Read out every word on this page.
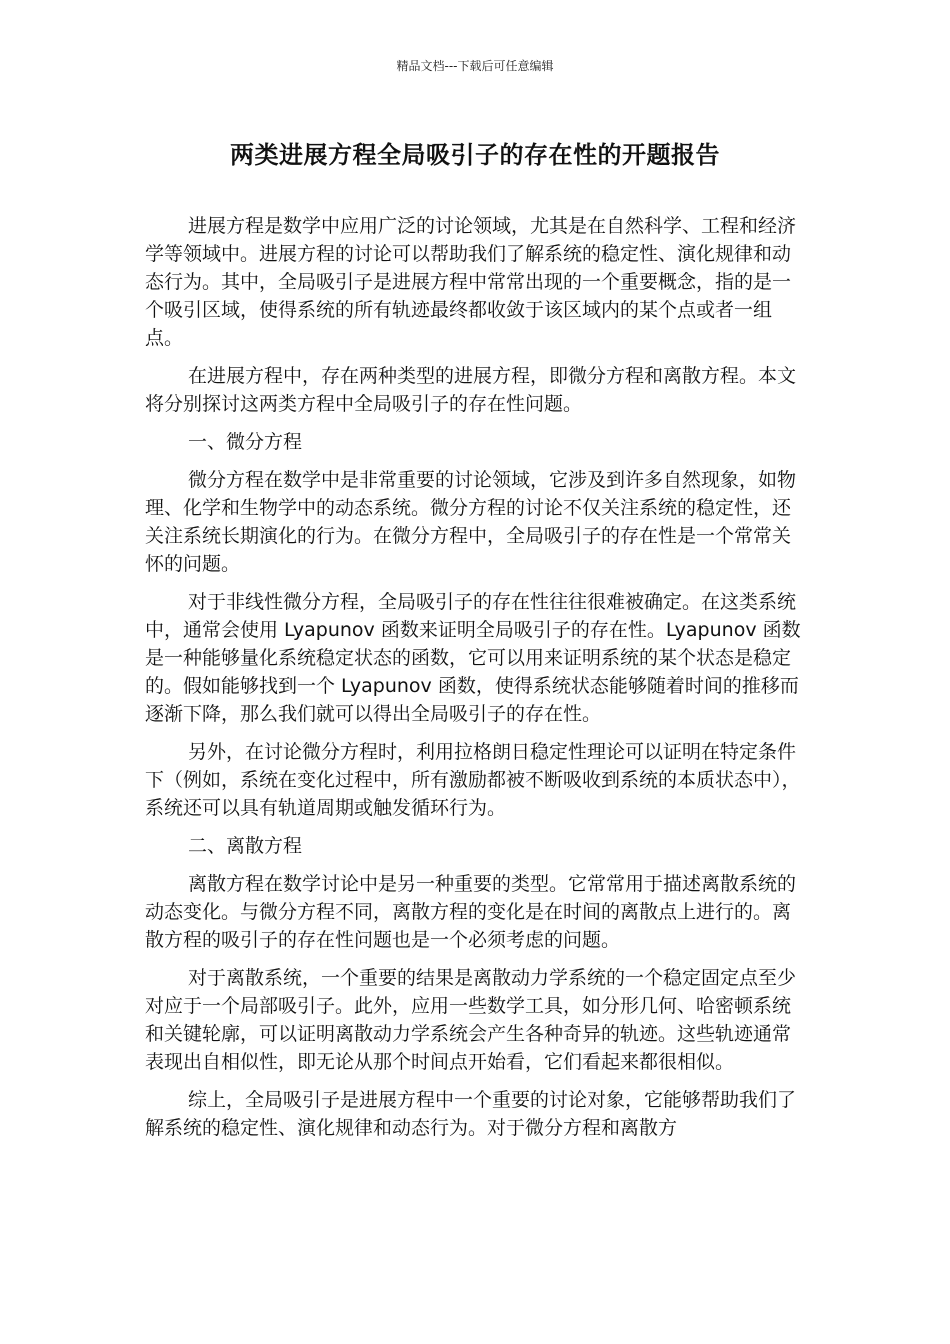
精品文档---下载后可任意编辑
两类进展方程全局吸引子的存在性的开题报告

进展方程是数学中应用广泛的讨论领域，尤其是在自然科学、工程和经济学等领域中。进展方程的讨论可以帮助我们了解系统的稳定性、演化规律和动态行为。其中，全局吸引子是进展方程中常常出现的一个重要概念，指的是一个吸引区域，使得系统的所有轨迹最终都收敛于该区域内的某个点或者一组点。

在进展方程中，存在两种类型的进展方程，即微分方程和离散方程。本文将分别探讨这两类方程中全局吸引子的存在性问题。

一、微分方程

微分方程在数学中是非常重要的讨论领域，它涉及到许多自然现象，如物理、化学和生物学中的动态系统。微分方程的讨论不仅关注系统的稳定性，还关注系统长期演化的行为。在微分方程中，全局吸引子的存在性是一个常常关怀的问题。

对于非线性微分方程，全局吸引子的存在性往往很难被确定。在这类系统中，通常会使用 Lyapunov 函数来证明全局吸引子的存在性。Lyapunov 函数是一种能够量化系统稳定状态的函数，它可以用来证明系统的某个状态是稳定的。假如能够找到一个 Lyapunov 函数，使得系统状态能够随着时间的推移而逐渐下降，那么我们就可以得出全局吸引子的存在性。

另外，在讨论微分方程时，利用拉格朗日稳定性理论可以证明在特定条件下（例如，系统在变化过程中，所有激励都被不断吸收到系统的本质状态中），系统还可以具有轨道周期或触发循环行为。

二、离散方程

离散方程在数学讨论中是另一种重要的类型。它常常用于描述离散系统的动态变化。与微分方程不同，离散方程的变化是在时间的离散点上进行的。离散方程的吸引子的存在性问题也是一个必须考虑的问题。

对于离散系统，一个重要的结果是离散动力学系统的一个稳定固定点至少对应于一个局部吸引子。此外，应用一些数学工具，如分形几何、哈密顿系统和关键轮廓，可以证明离散动力学系统会产生各种奇异的轨迹。这些轨迹通常表现出自相似性，即无论从那个时间点开始看，它们看起来都很相似。

综上，全局吸引子是进展方程中一个重要的讨论对象，它能够帮助我们了解系统的稳定性、演化规律和动态行为。对于微分方程和离散方
